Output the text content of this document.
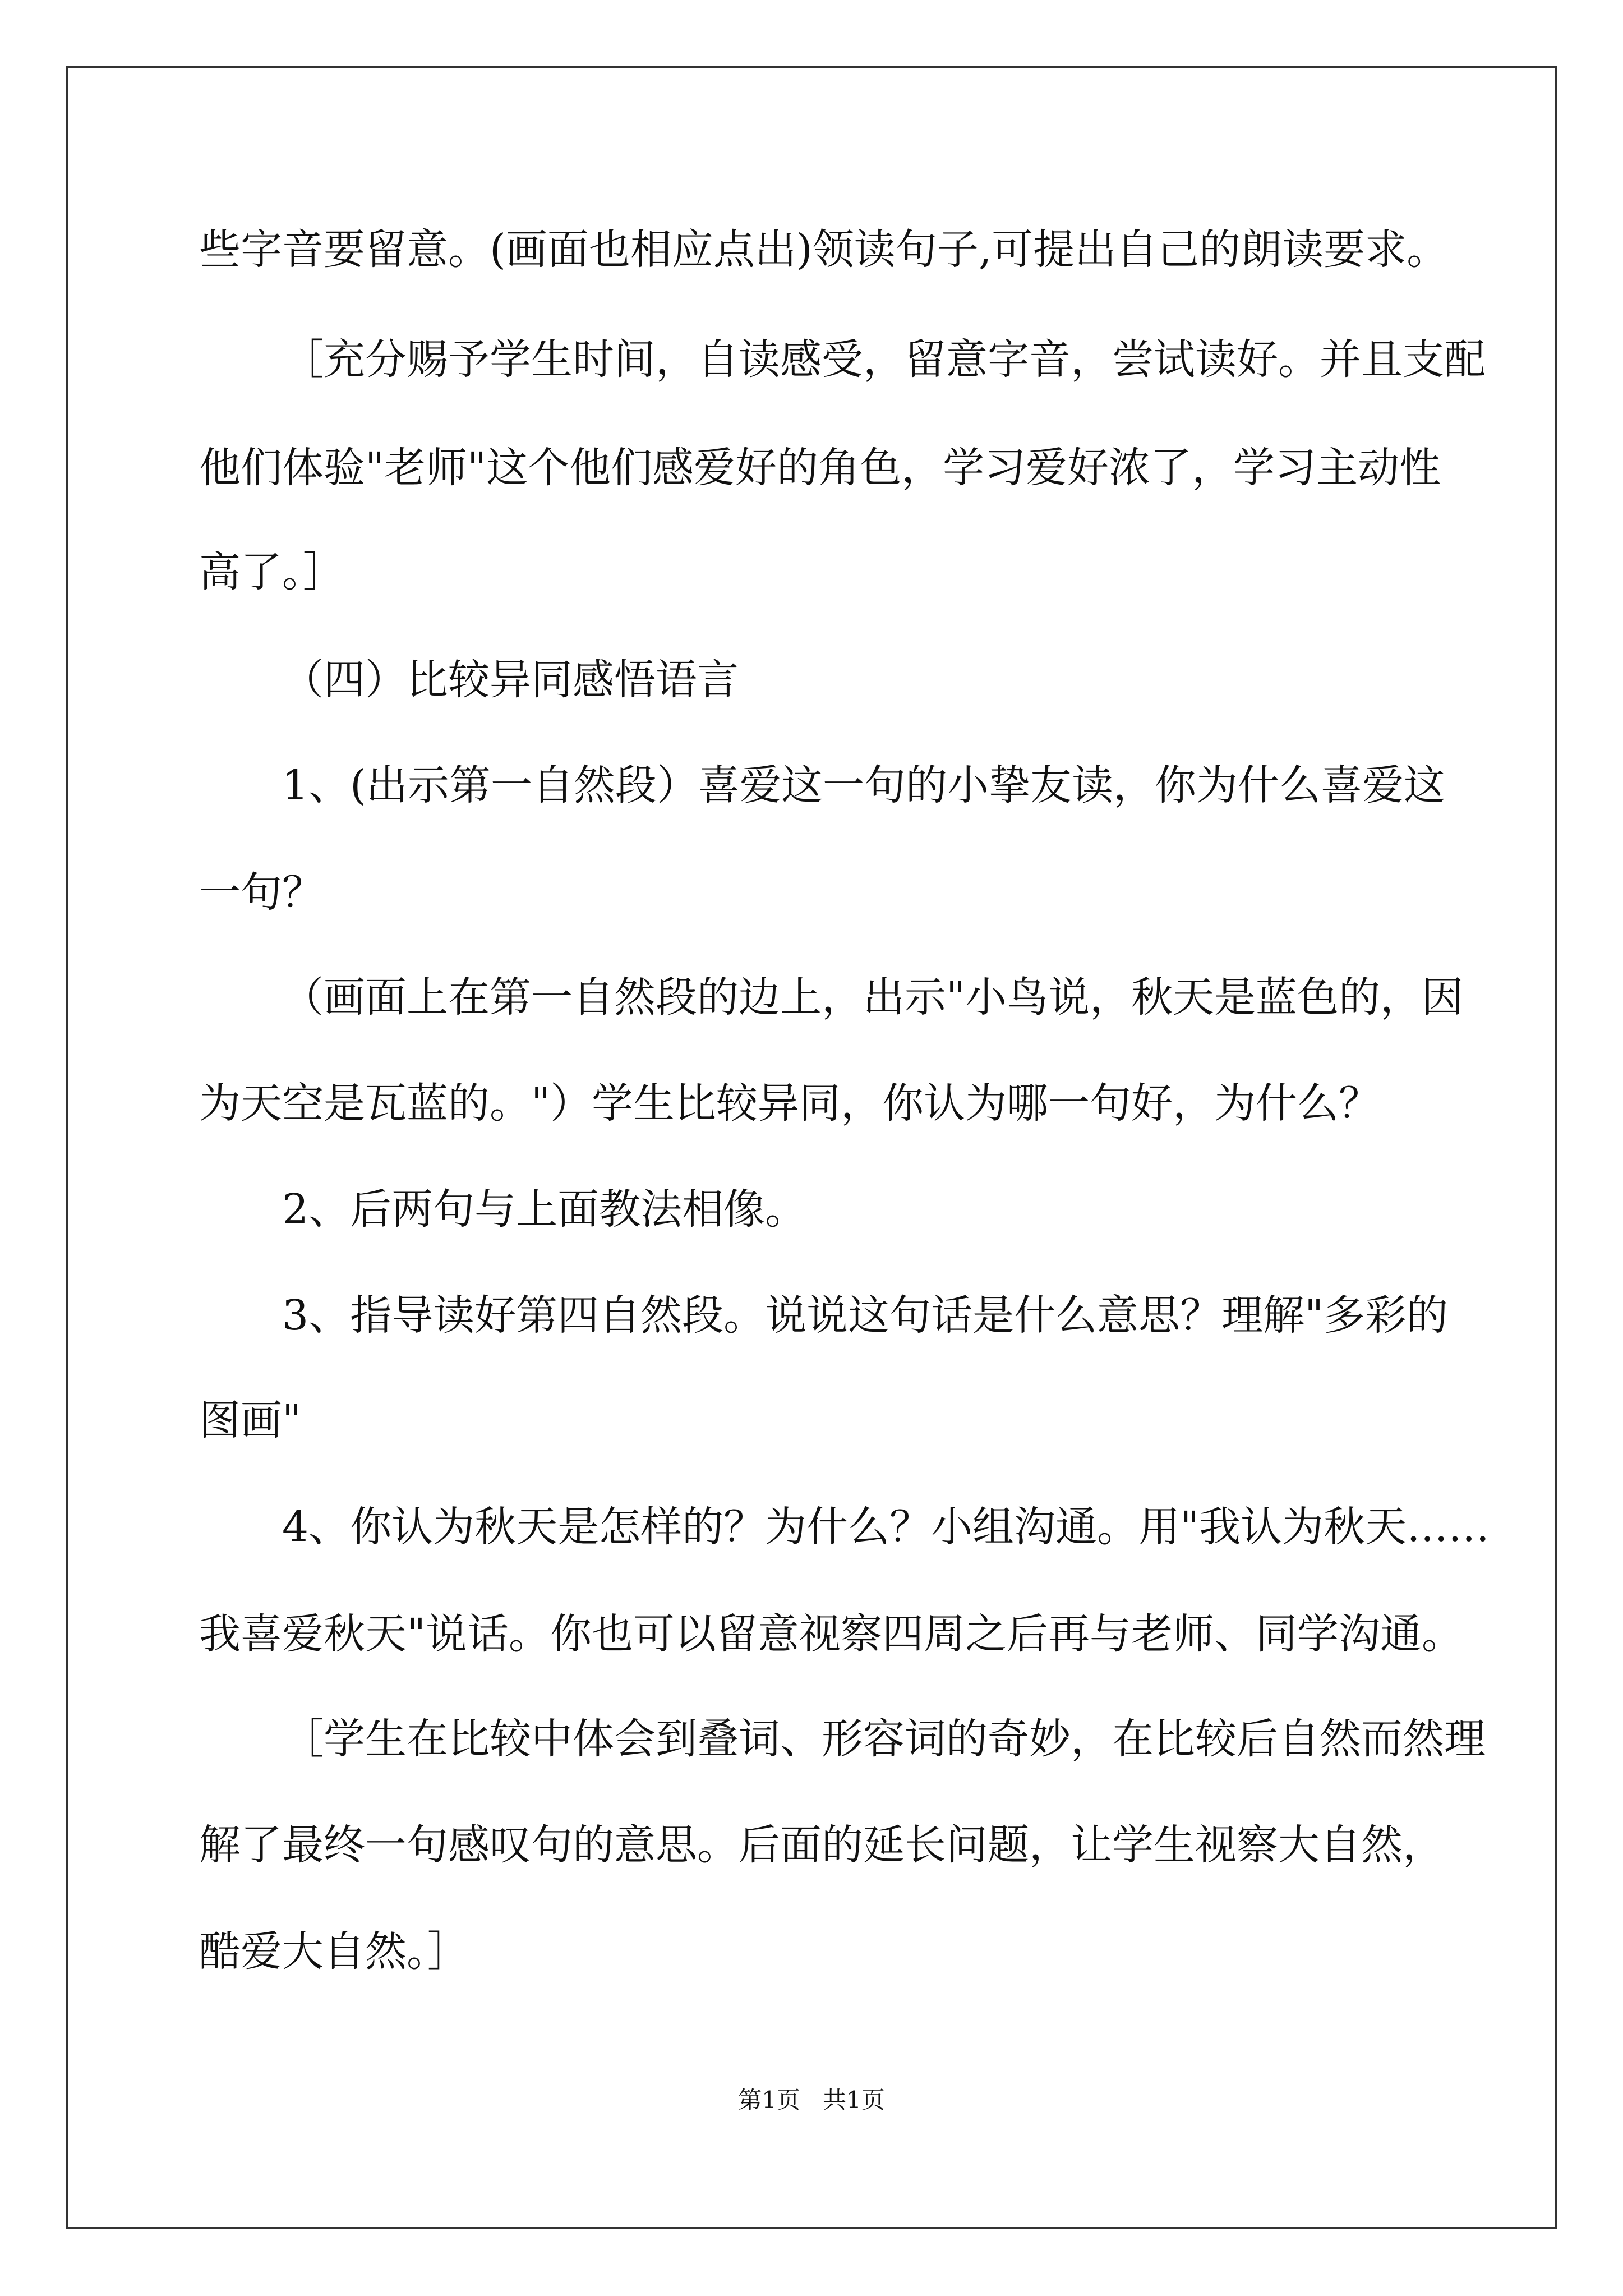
些字音要留意。(画面也相应点出)领读句子,可提出自己的朗读要求。
［充分赐予学生时间，自读感受，留意字音，尝试读好。并且支配
他们体验"老师"这个他们感爱好的角色，学习爱好浓了，学习主动性
高了。］
（四）比较异同感悟语言
1、(出示第一自然段）喜爱这一句的小挚友读，你为什么喜爱这
一句？
（画面上在第一自然段的边上，出示"小鸟说，秋天是蓝色的，因
为天空是瓦蓝的。"）学生比较异同，你认为哪一句好，为什么？
2、后两句与上面教法相像。
3、指导读好第四自然段。说说这句话是什么意思？理解"多彩的
图画"
4、你认为秋天是怎样的？为什么？小组沟通。用"我认为秋天……
我喜爱秋天"说话。你也可以留意视察四周之后再与老师、同学沟通。
［学生在比较中体会到叠词、形容词的奇妙，在比较后自然而然理
解了最终一句感叹句的意思。后面的延长问题，让学生视察大自然，
酷爱大自然。］
第1页   共1页
